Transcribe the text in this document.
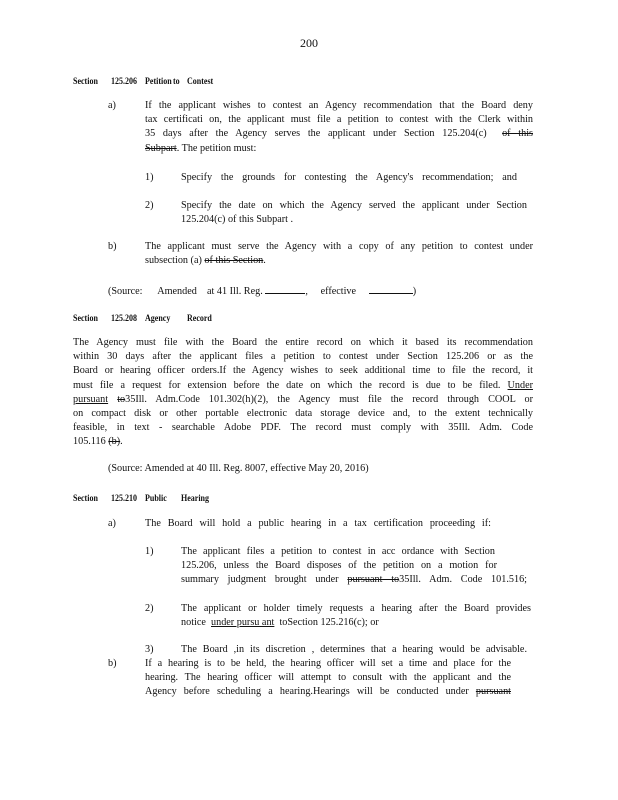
200
Section 125.206 Petitionto Contest
a)	If the applicant wishes to contest an Agency recommendation that the Board deny
tax certificati on, the applicant must file a petition to contest with the Clerk within
35 days after the Agency serves the applicant under Section 125.204(c) of this
Subpart. The petition must:
1)	Specify the grounds for contesting the Agency's recommendation; and
2)	Specify the date on which the Agency served the applicant under Section
125.204(c) of this Subpart .
b)	The applicant must serve the Agency with a copy of any petition to contest under
subsection (a) of this Section.
(Source: Amended at 41 Ill. Reg.	, effective	)
Section 125.208 Agency Record
The Agency must file with the Board the entire record on which it based its recommendation
within 30 days after the applicant files a petition to contest under Section 125.206 or as the
Board or hearing officer orders.If the Agency wishes to seek additional time to file the record, it
must file a request for extension before the date on which the record is due to be filed. Under
pursuant to35Ill. Adm.Code 101.302(h)(2), the Agency must file the record through COOL or
on compact disk or other portable electronic data storage device and, to the extent technically
feasible, in text - searchable Adobe PDF. The record must comply with 35Ill. Adm. Code
105.116 (b).
(Source: Amended at 40 Ill. Reg. 8007, effective May 20, 2016)
Section 125.210 Public Hearing
a)	The Board will hold a public hearing in a tax certification proceeding if:
1)	The applicant files a petition to contest in acc ordance with Section
125.206, unless the Board disposes of the petition on a motion for
summary judgment brought under pursuant to35Ill. Adm. Code 101.516;
2)	The applicant or holder timely requests a hearing after the Board provides
notice under pursu ant toSection 125.216(c); or
3)	The Board ,in its discretion , determines that a hearing would be advisable.
b)	If a hearing is to be held, the hearing officer will set a time and place for the
hearing. The hearing officer will attempt to consult with the applicant and the
Agency before scheduling a hearing.Hearings will be conducted under pursuant
